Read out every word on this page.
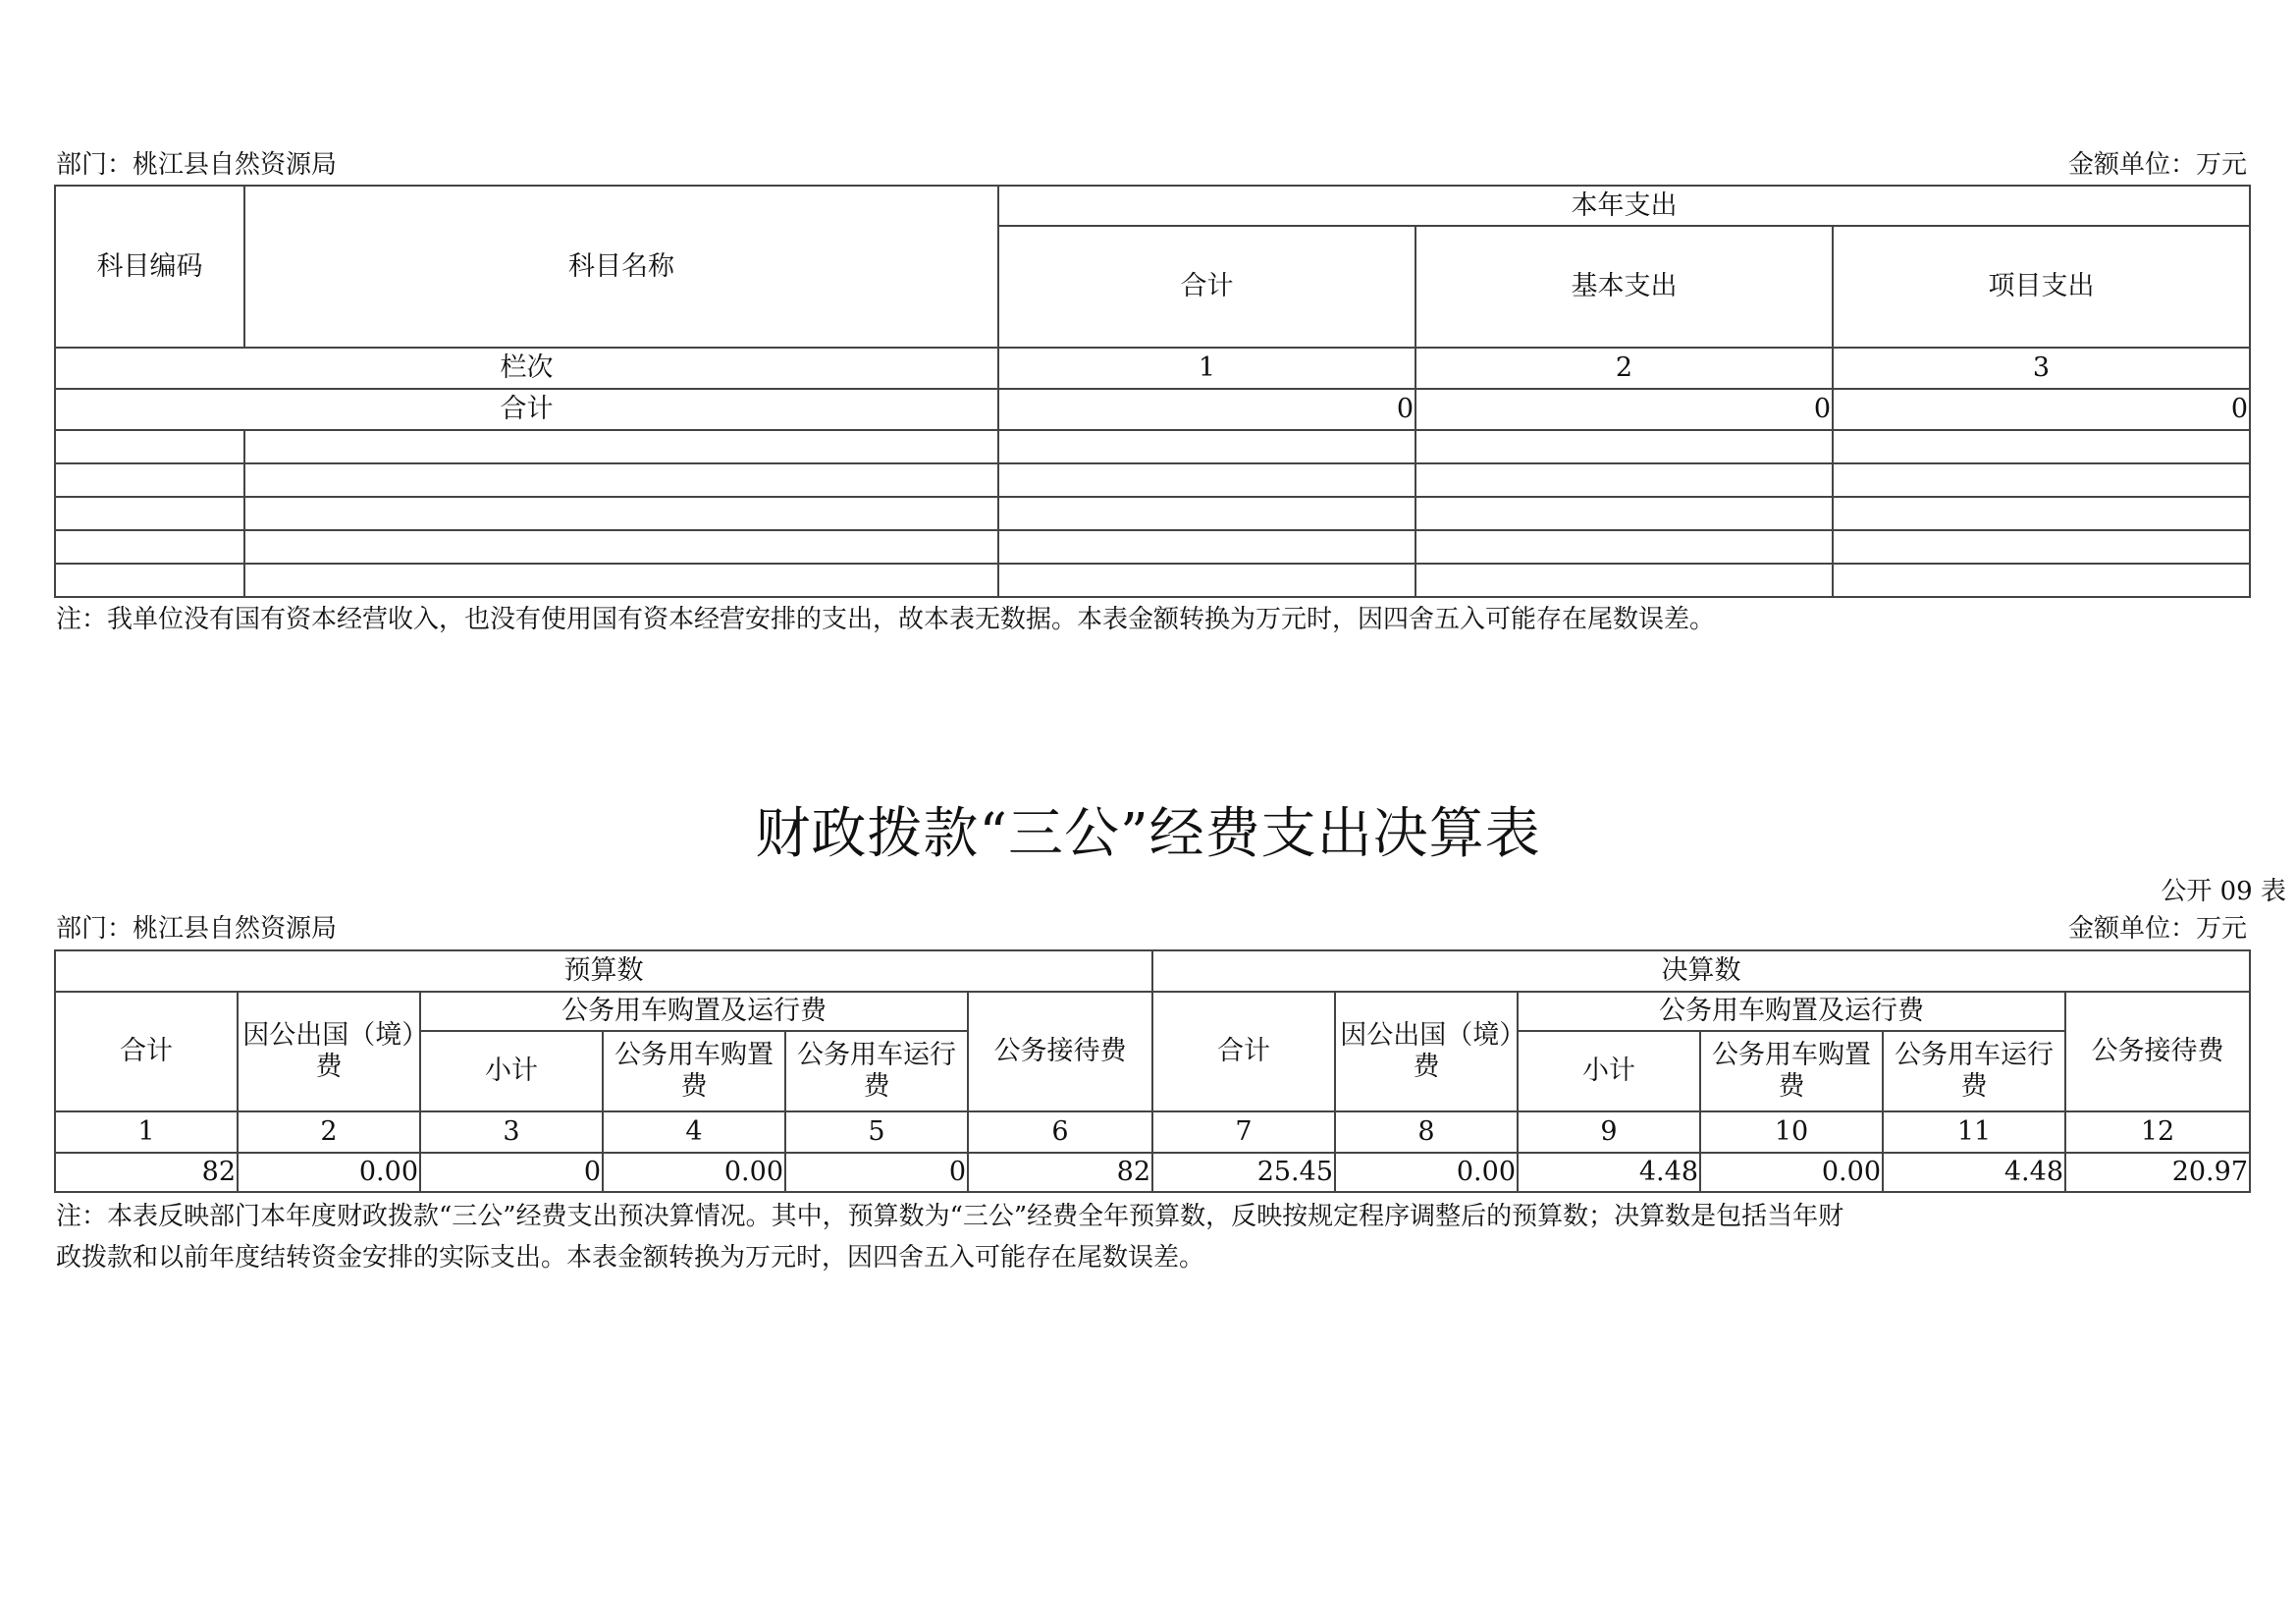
部门：桃江县自然资源局	金额单位：万元
科目编码	科目名称	本年支出		
		合计	基本支出	项目支出
栏次		1	2	3
合计		0	0	0

注：我单位没有国有资本经营收入，也没有使用国有资本经营安排的支出，故本表无数据。本表金额转换为万元时，因四舍五入可能存在尾数误差。
财政拨款“三公”经费支出决算表
公开 09 表
部门：桃江县自然资源局	金额单位：万元
预算数						决算数					
合计	因公出国（境）费	公务用车购置及运行费			公务接待费	合计	因公出国（境）费	公务用车购置及运行费			公务接待费
		小计	公务用车购置费	公务用车运行费				小计	公务用车购置费	公务用车运行费	
1	2	3	4	5	6	7	8	9	10	11	12
82	0.00	0	0.00	0	82	25.45	0.00	4.48	0.00	4.48	20.97
注：本表反映部门本年度财政拨款“三公”经费支出预决算情况。其中，预算数为“三公”经费全年预算数，反映按规定程序调整后的预算数；决算数是包括当年财
政拨款和以前年度结转资金安排的实际支出。本表金额转换为万元时，因四舍五入可能存在尾数误差。
